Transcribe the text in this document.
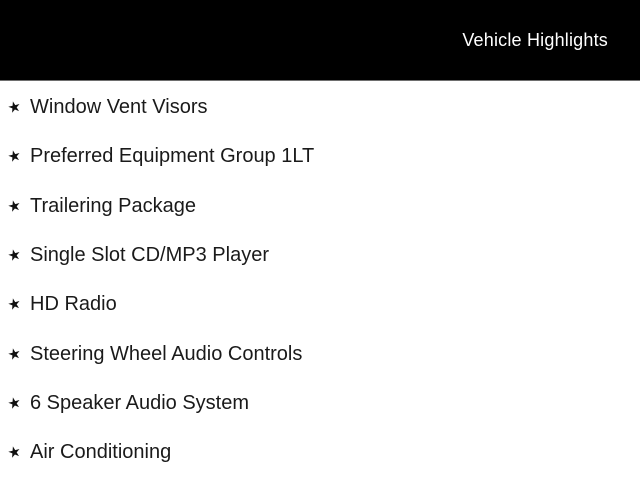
Vehicle Highlights
★ Window Vent Visors
★ Preferred Equipment Group 1LT
★ Trailering Package
★ Single Slot CD/MP3 Player
★ HD Radio
★ Steering Wheel Audio Controls
★ 6 Speaker Audio System
★ Air Conditioning
